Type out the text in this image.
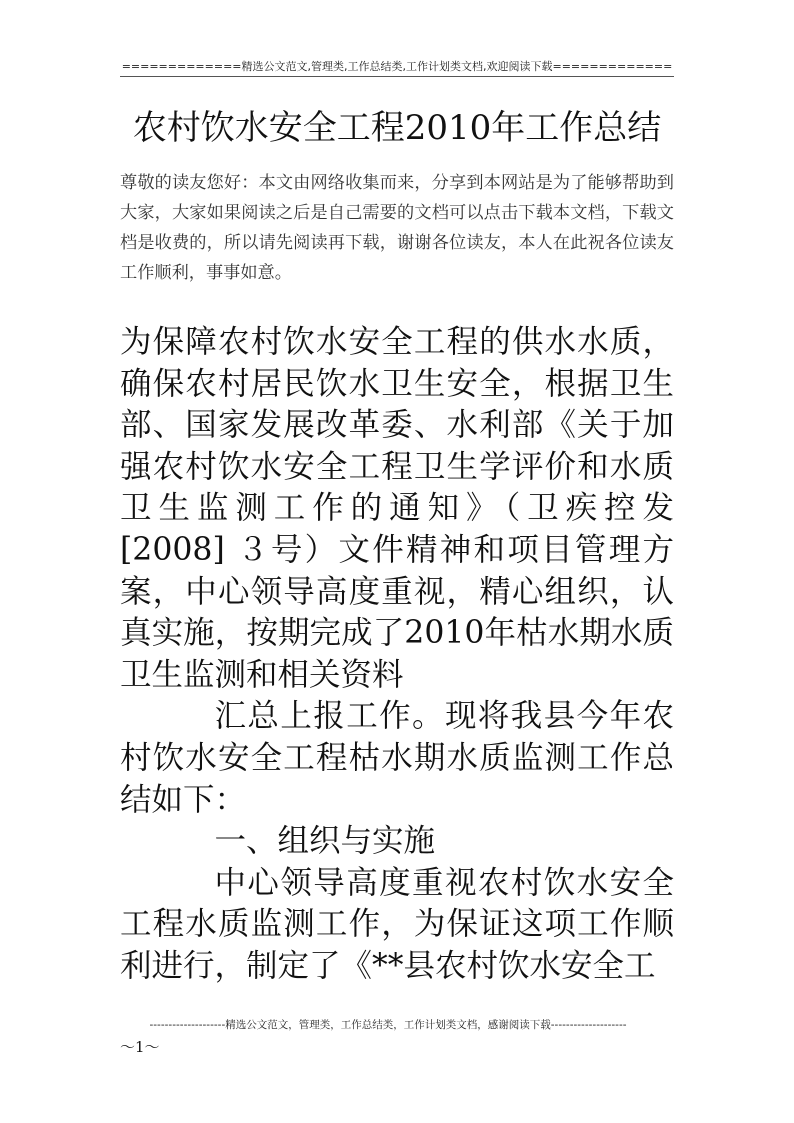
=============精选公文范文,管理类,工作总结类,工作计划类文档,欢迎阅读下载=============
农村饮水安全工程2010年工作总结
尊敬的读友您好：本文由网络收集而来，分享到本网站是为了能够帮助到大家，大家如果阅读之后是自己需要的文档可以点击下载本文档，下载文档是收费的，所以请先阅读再下载，谢谢各位读友，本人在此祝各位读友工作顺利，事事如意。

为保障农村饮水安全工程的供水水质，确保农村居民饮水卫生安全，根据卫生部、国家发展改革委、水利部《关于加强农村饮水安全工程卫生学评价和水质卫生监测工作的通知》（卫疾控发[2008] ３号）文件精神和项目管理方案，中心领导高度重视，精心组织，认真实施，按期完成了2010年枯水期水质卫生监测和相关资料

汇总上报工作。现将我县今年农村饮水安全工程枯水期水质监测工作总结如下：

一、组织与实施

中心领导高度重视农村饮水安全工程水质监测工作，为保证这项工作顺利进行，制定了《**县农村饮水安全工

--------------------精选公文范文，管理类，工作总结类，工作计划类文档，感谢阅读下载--------------------
～1～
